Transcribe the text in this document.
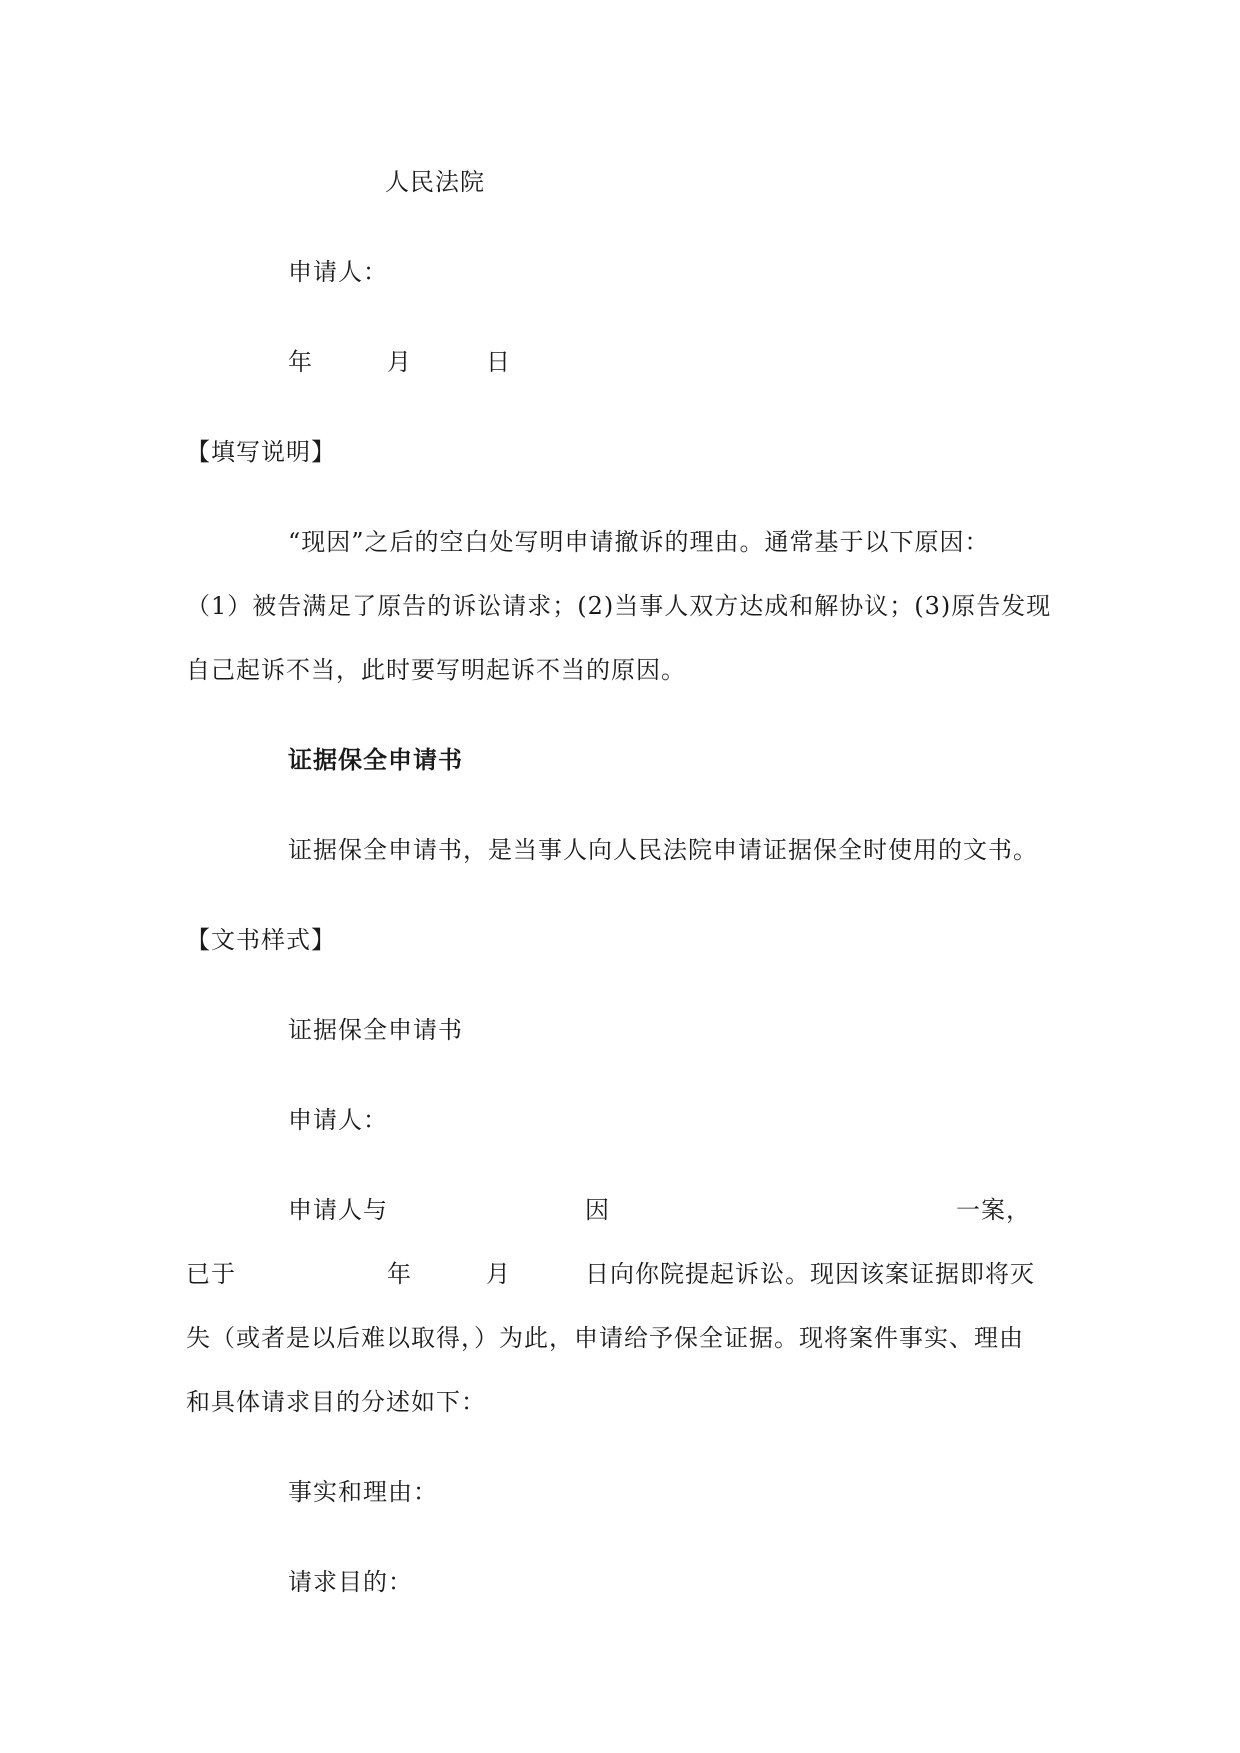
人民法院
申请人：
年	月	日
【填写说明】
“现因”之后的空白处写明申请撤诉的理由。通常基于以下原因：
（1）被告满足了原告的诉讼请求；(2)当事人双方达成和解协议；(3)原告发现
自己起诉不当，此时要写明起诉不当的原因。
证据保全申请书
证据保全申请书，是当事人向人民法院申请证据保全时使用的文书。
【文书样式】
证据保全申请书
申请人：
申请人与	因	一案，
已于	年	月	日向你院提起诉讼。现因该案证据即将灭
失（或者是以后难以取得，）为此，申请给予保全证据。现将案件事实、理由
和具体请求目的分述如下：
事实和理由：
请求目的：
